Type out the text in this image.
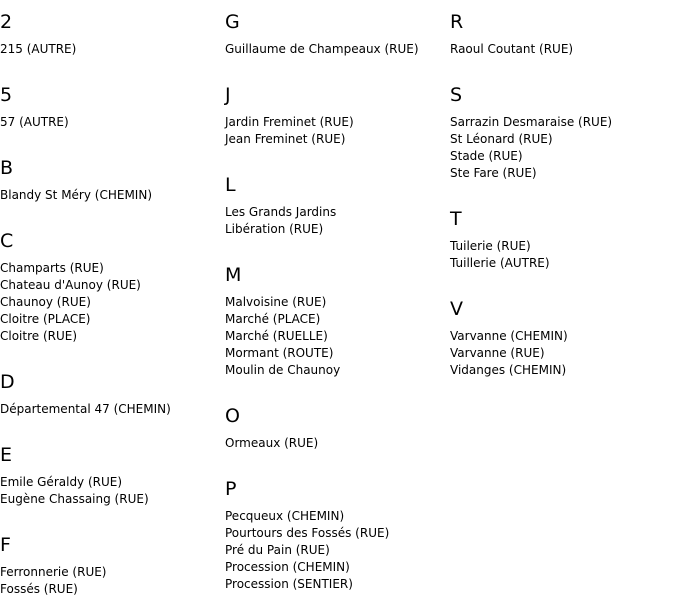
2
215 (AUTRE)
5
57 (AUTRE)
B
Blandy St Méry (CHEMIN)
C
Champarts (RUE)
Chateau d'Aunoy (RUE)
Chaunoy (RUE)
Cloitre (PLACE)
Cloitre (RUE)
D
Départemental 47 (CHEMIN)
E
Emile Géraldy (RUE)
Eugène Chassaing (RUE)
F
Ferronnerie (RUE)
Fossés (RUE)
G
Guillaume de Champeaux (RUE)
J
Jardin Freminet (RUE)
Jean Freminet (RUE)
L
Les Grands Jardins
Libération (RUE)
M
Malvoisine (RUE)
Marché (PLACE)
Marché (RUELLE)
Mormant (ROUTE)
Moulin de Chaunoy
O
Ormeaux (RUE)
P
Pecqueux (CHEMIN)
Pourtours des Fossés (RUE)
Pré du Pain (RUE)
Procession (CHEMIN)
Procession (SENTIER)
R
Raoul Coutant (RUE)
S
Sarrazin Desmaraise (RUE)
St Léonard (RUE)
Stade (RUE)
Ste Fare (RUE)
T
Tuilerie (RUE)
Tuillerie (AUTRE)
V
Varvanne (CHEMIN)
Varvanne (RUE)
Vidanges (CHEMIN)
